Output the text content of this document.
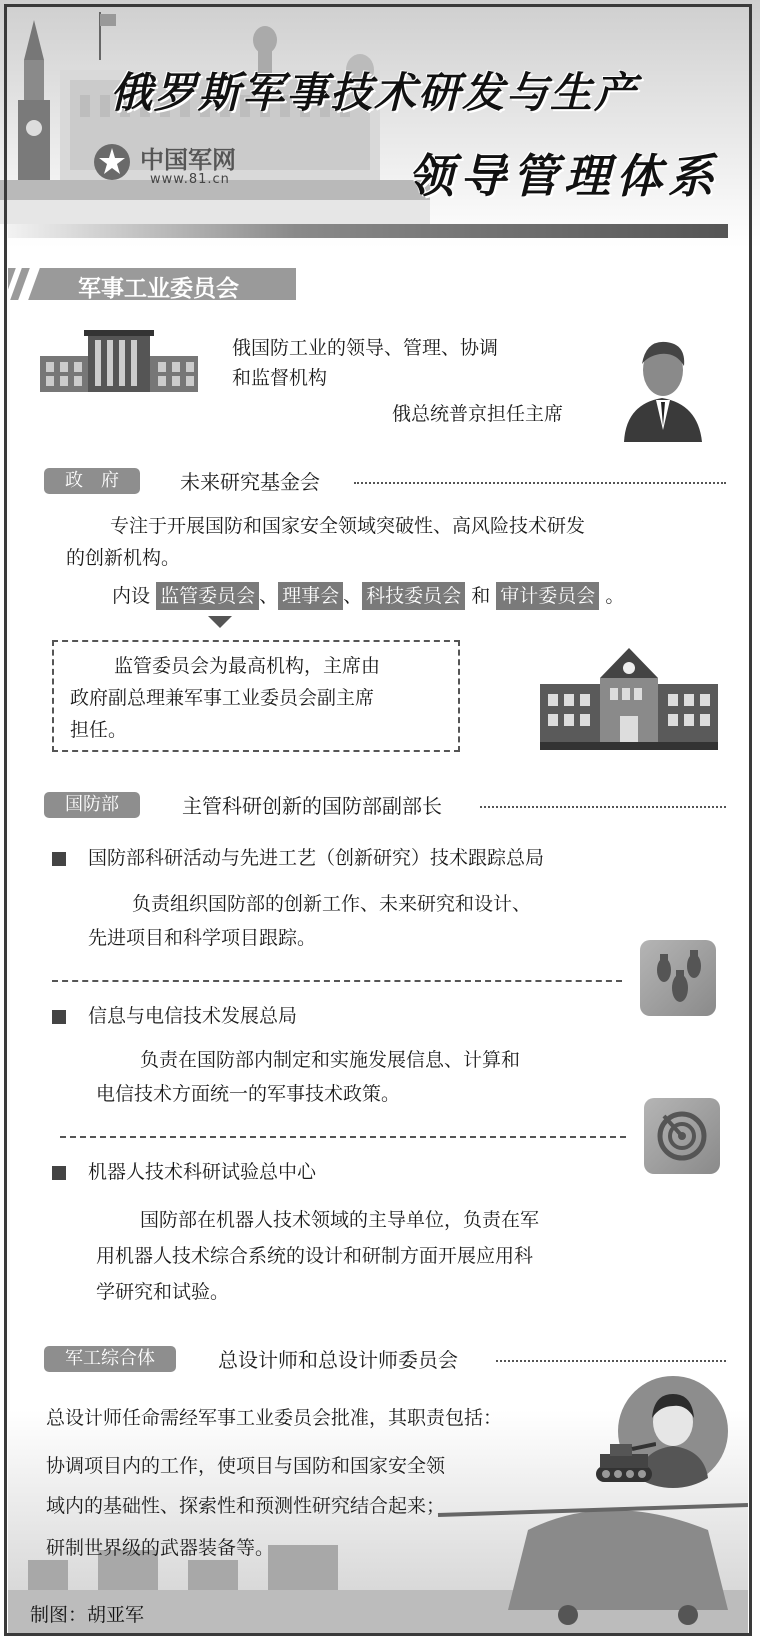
俄罗斯军事技术研发与生产
领导管理体系
中国军网
www.81.cn
军事工业委员会
俄国防工业的领导、管理、协调
和监督机构
俄总统普京担任主席
政　府	未来研究基金会
专注于开展国防和国家安全领域突破性、高风险技术研发
的创新机构。
内设 监管委员会 、 理事会 、 科技委员会 和 审计委员会 。
监管委员会为最高机构，主席由
政府副总理兼军事工业委员会副主席
担任。
国防部	主管科研创新的国防部副部长
国防部科研活动与先进工艺（创新研究）技术跟踪总局
负责组织国防部的创新工作、未来研究和设计、
先进项目和科学项目跟踪。
信息与电信技术发展总局
负责在国防部内制定和实施发展信息、计算和
电信技术方面统一的军事技术政策。
机器人技术科研试验总中心
国防部在机器人技术领域的主导单位，负责在军
用机器人技术综合系统的设计和研制方面开展应用科
学研究和试验。
军工综合体	总设计师和总设计师委员会
总设计师任命需经军事工业委员会批准，其职责包括：
协调项目内的工作，使项目与国防和国家安全领
域内的基础性、探索性和预测性研究结合起来；
研制世界级的武器装备等。
制图：胡亚军
